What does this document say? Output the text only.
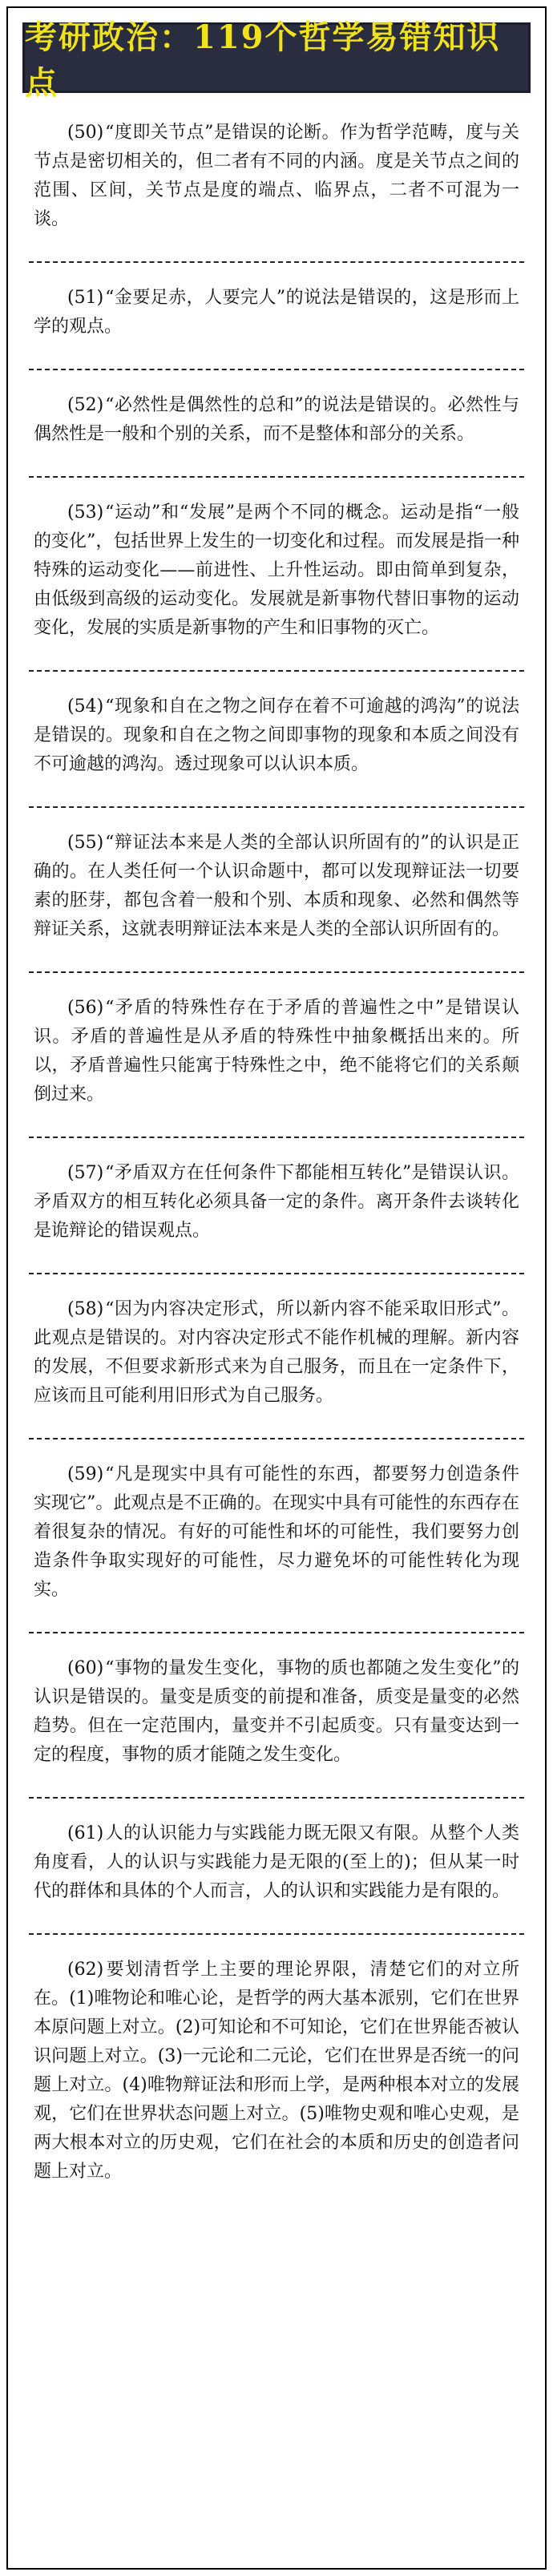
考研政治：119个哲学易错知识点
(50)“度即关节点”是错误的论断。作为哲学范畴，度与关节点是密切相关的，但二者有不同的内涵。度是关节点之间的范围、区间，关节点是度的端点、临界点，二者不可混为一谈。
(51)“金要足赤，人要完人”的说法是错误的，这是形而上学的观点。
(52)“必然性是偶然性的总和”的说法是错误的。必然性与偶然性是一般和个别的关系，而不是整体和部分的关系。
(53)“运动”和“发展”是两个不同的概念。运动是指“一般的变化”，包括世界上发生的一切变化和过程。而发展是指一种特殊的运动变化——前进性、上升性运动。即由简单到复杂，由低级到高级的运动变化。发展就是新事物代替旧事物的运动变化，发展的实质是新事物的产生和旧事物的灭亡。
(54)“现象和自在之物之间存在着不可逾越的鸿沟”的说法是错误的。现象和自在之物之间即事物的现象和本质之间没有不可逾越的鸿沟。透过现象可以认识本质。
(55)“辩证法本来是人类的全部认识所固有的”的认识是正确的。在人类任何一个认识命题中，都可以发现辩证法一切要素的胚芽，都包含着一般和个别、本质和现象、必然和偶然等辩证关系，这就表明辩证法本来是人类的全部认识所固有的。
(56)“矛盾的特殊性存在于矛盾的普遍性之中”是错误认识。矛盾的普遍性是从矛盾的特殊性中抽象概括出来的。所以，矛盾普遍性只能寓于特殊性之中，绝不能将它们的关系颠倒过来。
(57)“矛盾双方在任何条件下都能相互转化”是错误认识。矛盾双方的相互转化必须具备一定的条件。离开条件去谈转化是诡辩论的错误观点。
(58)“因为内容决定形式，所以新内容不能采取旧形式”。此观点是错误的。对内容决定形式不能作机械的理解。新内容的发展，不但要求新形式来为自己服务，而且在一定条件下，应该而且可能利用旧形式为自己服务。
(59)“凡是现实中具有可能性的东西，都要努力创造条件实现它”。此观点是不正确的。在现实中具有可能性的东西存在着很复杂的情况。有好的可能性和坏的可能性，我们要努力创造条件争取实现好的可能性，尽力避免坏的可能性转化为现实。
(60)“事物的量发生变化，事物的质也都随之发生变化”的认识是错误的。量变是质变的前提和准备，质变是量变的必然趋势。但在一定范围内，量变并不引起质变。只有量变达到一定的程度，事物的质才能随之发生变化。
(61)人的认识能力与实践能力既无限又有限。从整个人类角度看，人的认识与实践能力是无限的(至上的)；但从某一时代的群体和具体的个人而言，人的认识和实践能力是有限的。
(62)要划清哲学上主要的理论界限，清楚它们的对立所在。(1)唯物论和唯心论，是哲学的两大基本派别，它们在世界本原问题上对立。(2)可知论和不可知论，它们在世界能否被认识问题上对立。(3)一元论和二元论，它们在世界是否统一的问题上对立。(4)唯物辩证法和形而上学，是两种根本对立的发展观，它们在世界状态问题上对立。(5)唯物史观和唯心史观，是两大根本对立的历史观，它们在社会的本质和历史的创造者问题上对立。
